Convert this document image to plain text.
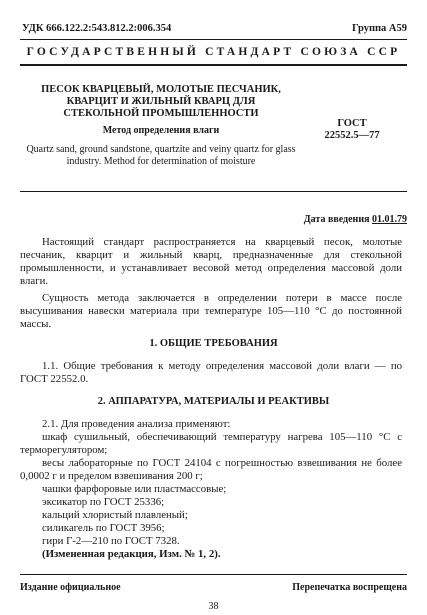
УДК 666.122.2:543.812.2:006.354	Группа А59
ГОСУДАРСТВЕННЫЙ СТАНДАРТ СОЮЗА ССР
ПЕСОК КВАРЦЕВЫЙ, МОЛОТЫЕ ПЕСЧАНИК, КВАРЦИТ И ЖИЛЬНЫЙ КВАРЦ ДЛЯ СТЕКОЛЬНОЙ ПРОМЫШЛЕННОСТИ
Метод определения влаги
ГОСТ
22552.5—77
Quartz sand, ground sandstone, quartzite and veiny quartz for glass industry. Method for determination of moisture
Дата введения 01.01.79
Настоящий стандарт распространяется на кварцевый песок, молотые песчаник, кварцит и жильный кварц, предназначенные для стекольной промышленности, и устанавливает весовой метод определения массовой доли влаги.
Сущность метода заключается в определении потери в массе после высушивания навески материала при температуре 105—110 °С до постоянной массы.
1. ОБЩИЕ ТРЕБОВАНИЯ
1.1. Общие требования к методу определения массовой доли влаги — по ГОСТ 22552.0.
2. АППАРАТУРА, МАТЕРИАЛЫ И РЕАКТИВЫ
2.1. Для проведения анализа применяют:
шкаф сушильный, обеспечивающий температуру нагрева 105—110 °С с терморегулятором;
весы лабораторные по ГОСТ 24104 с погрешностью взвешивания не более 0,0002 г и пределом взвешивания 200 г;
чашки фарфоровые или пластмассовые;
эксикатор по ГОСТ 25336;
кальций хлористый плавленый;
силикагель по ГОСТ 3956;
гири Г-2—210 по ГОСТ 7328.
(Измененная редакция, Изм. № 1, 2).
Издание официальное	Перепечатка воспрещена
38
